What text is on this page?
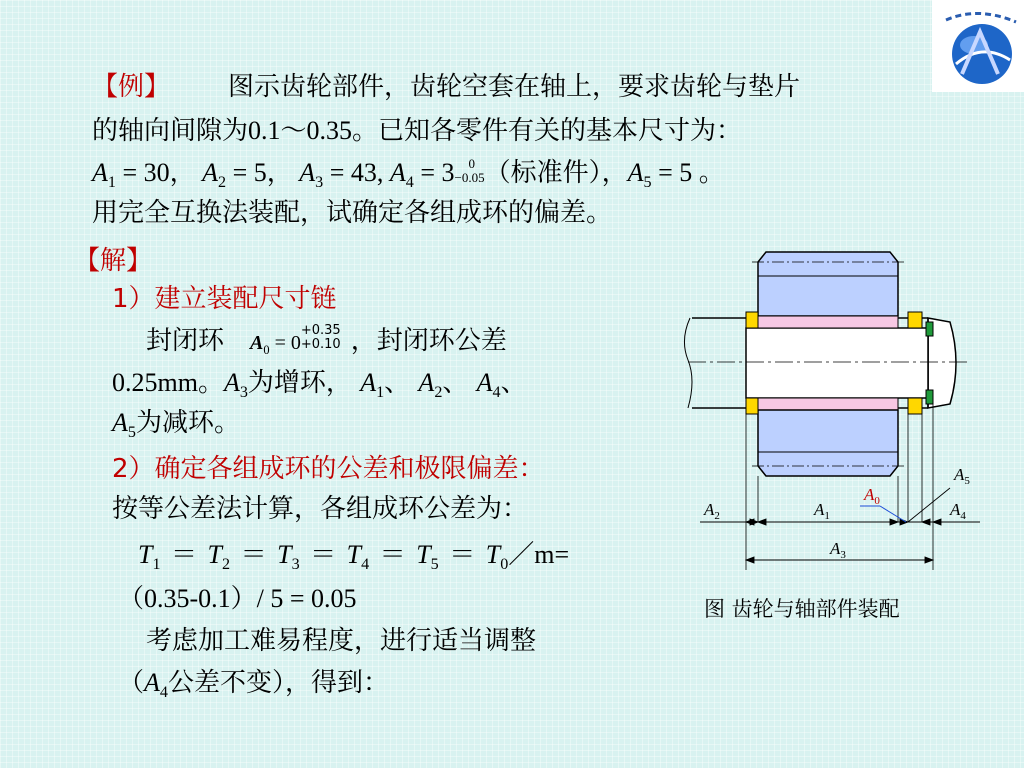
【例】 图示齿轮部件，齿轮空套在轴上，要求齿轮与垫片
的轴向间隙为0.1～0.35。已知各零件有关的基本尺寸为：
$A_1 = 30$， $A_2 = 5$， $A_3 = 43$, $A_4 = 3$	0
−0.05 （标准件），$A_5 = 5$ 。
用完全互换法装配，试确定各组成环的偏差。
【解】
1）建立装配尺寸链
封闭环 $A_0 = 0$
+0.35
+0.10 ，封闭环公差
0.25mm。$A_3$为增环， $A_1$、 $A_2$、 $A_4$、
$A_5$为减环。
2）确定各组成环的公差和极限偏差：
按等公差法计算，各组成环公差为：
$T_1 = T_2 = T_3 = T_4 = T_5$ ＝ $T_0/m=$
（0.35-0.1）/ 5 = 0.05
考虑加工难易程度，进行适当调整
（$A_4$公差不变），得到：
$A_2$	$A_1$
$A_0$
$A_5$
$A_4$
$A_3$
图 齿轮与轴部件装配
